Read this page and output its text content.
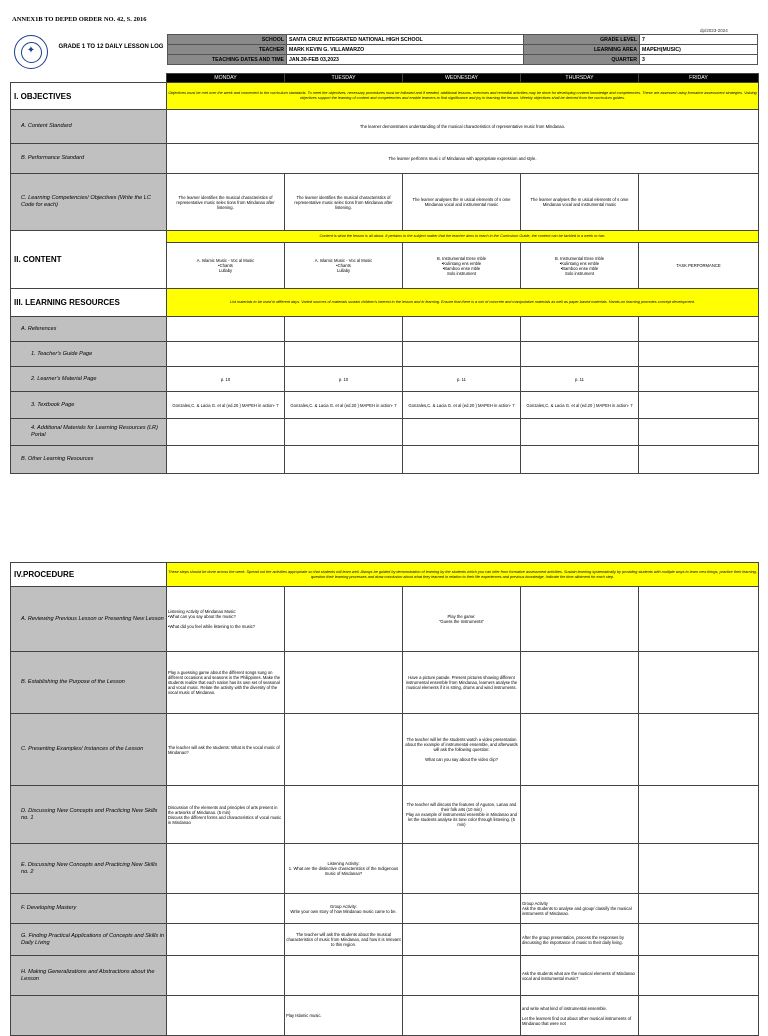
ANNEX1B TO DEPED ORDER NO. 42, S. 2016
dp/2023-2024
✦	GRADE 1 TO 12 DAILY LESSON LOG
SCHOOL	SANTA CRUZ INTEGRATED NATIONAL HIGH SCHOOL	GRADE LEVEL	7
TEACHER	MARK KEVIN G. VILLAMARZO	LEARNING AREA	MAPEH(MUSIC)
TEACHING DATES AND TIME	JAN.30-FEB 03,2023	QUARTER	3
	MONDAY	TUESDAY	WEDNESDAY	THURSDAY	FRIDAY
I. OBJECTIVES	Objectives must be met over the week and connected to the curriculum standards. To meet the objectives, necessary procedures must be followed and if needed, additional lessons, exercises and remedial activities may be done for developing content knowledge and competencies. These are assessed using formative assessment strategies. Valuing objectives support the learning of content and competencies and enable learners to find significance and joy in learning the lesson. Weekly objectives shall be derived from the curriculum guides.				
A. Content Standard	The learner demonstrates understanding of the musical characteristics of representative music from Mindanao.				
B. Performance Standard	The learner performs musi c of Mindanao with appropriate expression and style.				
C. Learning Competencies/ Objectives (Write the LC Code for each)	The learner identifies the musical characteristics of representative music selec tions from Mindanao after listening.	The learner identifies the musical characteristics of representative music selec tions from Mindanao after listening.	The learner analyses the m usical elements of s ome Mindanao vocal and instrumental music	The learner analyses the m usical elements of s ome Mindanao vocal and instrumental music	
II. CONTENT	Content is what the lesson is all about. It pertains to the subject matter that the teacher aims to teach in the Curriculum Guide, the content can be tackled in a week or two.				
	A. Islamic Music - Voc al Music
•Chants
Lullaby	A. Islamic Music - Voc al Music
•Chants
Lullaby	B. Instrumental Ense mble
•Kulintang ens emble
•Bamboo ense mble
Solo instrument	B. Instrumental Ense mble
•Kulintang ens emble
•Bamboo ense mble
Solo instrument	TASK PERFORMANCE
III. LEARNING RESOURCES	List materials to be used in different days. Varied sources of materials sustain children's interest in the lesson and in learning. Ensure that there is a mix of concrete and manipulative materials as well as paper-based materials. Hands-on learning promotes concept development.				
A. References					
1. Teacher's Guide Page					
2. Learner's Material Page	p. 10	p. 10	p. 11	p. 11	
3. Textbook Page	Gonzales,C. & Lacia G. et al (ed.20 ) MAPEH in action- 7	Gonzales,C. & Lacia G. et al (ed.20 ) MAPEH in action- 7	Gonzales,C. & Lacia G. et al (ed.20 ) MAPEH in action- 7	Gonzales,C. & Lacia G. et al (ed.20 ) MAPEH in action- 7	
4. Additional Materials for Learning Resources (LR) Portal					
B. Other Learning Resources					
IV.PROCEDURE	These steps should be done across the week. Spread out the activities appropriate so that students will learn well. Always be guided by demonstration of learning by the students which you can infer from formative assessment activities. Sustain learning systematically by providing students with multiple ways to learn new things, practice their learning, question their learning processes and draw conclusion about what they learned in relation to their life experiences and previous knowledge. Indicate the time allotment for each step.				
A. Reviewing Previous Lesson or Presenting New Lesson	Listening Activity of Mindanao Music:
•What can you say about the music?

•What did you feel while listening to the music?		Play the game:
"Guess the Instruments"		
B. Establishing the Purpose of the Lesson	Play a guessing game about the different songs sung on different occasions and seasons in the Philippines. Make the students realize that each nation has its own set of seasonal and vocal music. Relate the activity with the diversity of the vocal music of Mindanao.		Have a picture parade. Present pictures showing different instrumental ensemble from Mindanao, learners analyse the musical elements if it is string, drums and wind instruments.		
C. Presenting Examples/ Instances of the Lesson	The leacher will ask the students: What is the vocal music of Mindanao?		The teacher will let the students watch a video presentation about the example of instrumental ensemble, and afterwards will ask the following question:

What can you say about the video clip?		
D. Discussing New Concepts and Practicing New Skills no. 1	Discussion of the elements and principles of arts present in the artworks of Mindanao. (5 min)
Discuss the different forms and characteristics of vocal music in Mindanao		The teacher will discuss the features of Aguson, Lanao and their folk arts (10 min)
Play an example of instrumental ensemble in Mindanao and let the students analyse its tone color through listening. (5 min)		
E. Discussing New Concepts and Practicing New Skills no. 2		Listening Activity:
1. What are the distinctive characteristics of the Indigenous music of Mindanao?			
F. Developing Mastery		Group Activity:
Write your own story of how Mindanao music came to be.		Group Activity
Ask the students to analyse and group/ classify the musical instruments of Mindanao.	
G. Finding Practical Applications of Concepts and Skills in Daily Living		The teacher will ask the students about the musical characteristics of music from Mindanao, and how it is relevant to this region.		After the group presentation, process the responses by discussing the importance of music to their daily living.	
H. Making Generalizations and Abstractions about the Lesson				Ask the students what are the musical elements of Mindanao vocal and instrumental music?	
		Play Islamic music.		and write what kind of instrumental ensemble.

Let the learners find out about other musical instruments of Mindanao that were not	
